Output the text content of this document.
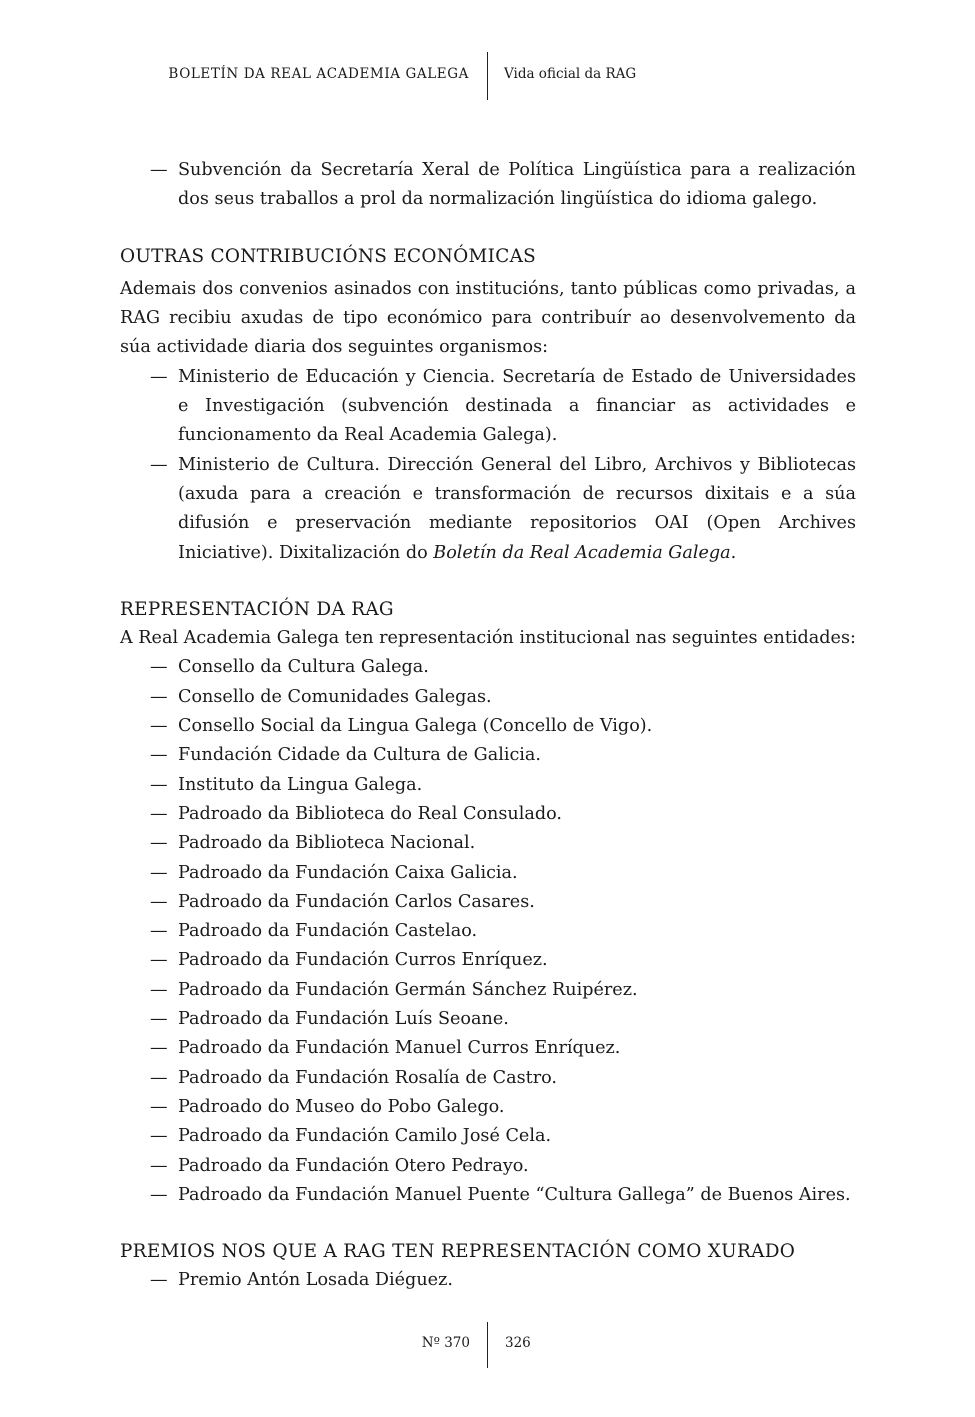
BOLETÍN DA REAL ACADEMIA GALEGA	Vida oficial da RAG
— Subvención da Secretaría Xeral de Política Lingüística para a realización dos seus traballos a prol da normalización lingüística do idioma galego.
OUTRAS CONTRIBUCIÓNS ECONÓMICAS

Ademais dos convenios asinados con institucións, tanto públicas como privadas, a RAG recibiu axudas de tipo económico para contribuír ao desenvolvemento da súa actividade diaria dos seguintes organismos:

— Ministerio de Educación y Ciencia. Secretaría de Estado de Universidades e Investigación (subvención destinada a financiar as actividades e funcionamento da Real Academia Galega).
— Ministerio de Cultura. Dirección General del Libro, Archivos y Bibliotecas (axuda para a creación e transformación de recursos dixitais e a súa difusión e preservación mediante repositorios OAI (Open Archives Iniciative). Dixitalización do Boletín da Real Academia Galega.
REPRESENTACIÓN DA RAG

A Real Academia Galega ten representación institucional nas seguintes entidades:

— Consello da Cultura Galega.
— Consello de Comunidades Galegas.
— Consello Social da Lingua Galega (Concello de Vigo).
— Fundación Cidade da Cultura de Galicia.
— Instituto da Lingua Galega.
— Padroado da Biblioteca do Real Consulado.
— Padroado da Biblioteca Nacional.
— Padroado da Fundación Caixa Galicia.
— Padroado da Fundación Carlos Casares.
— Padroado da Fundación Castelao.
— Padroado da Fundación Curros Enríquez.
— Padroado da Fundación Germán Sánchez Ruipérez.
— Padroado da Fundación Luís Seoane.
— Padroado da Fundación Manuel Curros Enríquez.
— Padroado da Fundación Rosalía de Castro.
— Padroado do Museo do Pobo Galego.
— Padroado da Fundación Camilo José Cela.
— Padroado da Fundación Otero Pedrayo.
— Padroado da Fundación Manuel Puente “Cultura Gallega” de Buenos Aires.
PREMIOS NOS QUE A RAG TEN REPRESENTACIÓN COMO XURADO
— Premio Antón Losada Diéguez.
Nº 370	326
